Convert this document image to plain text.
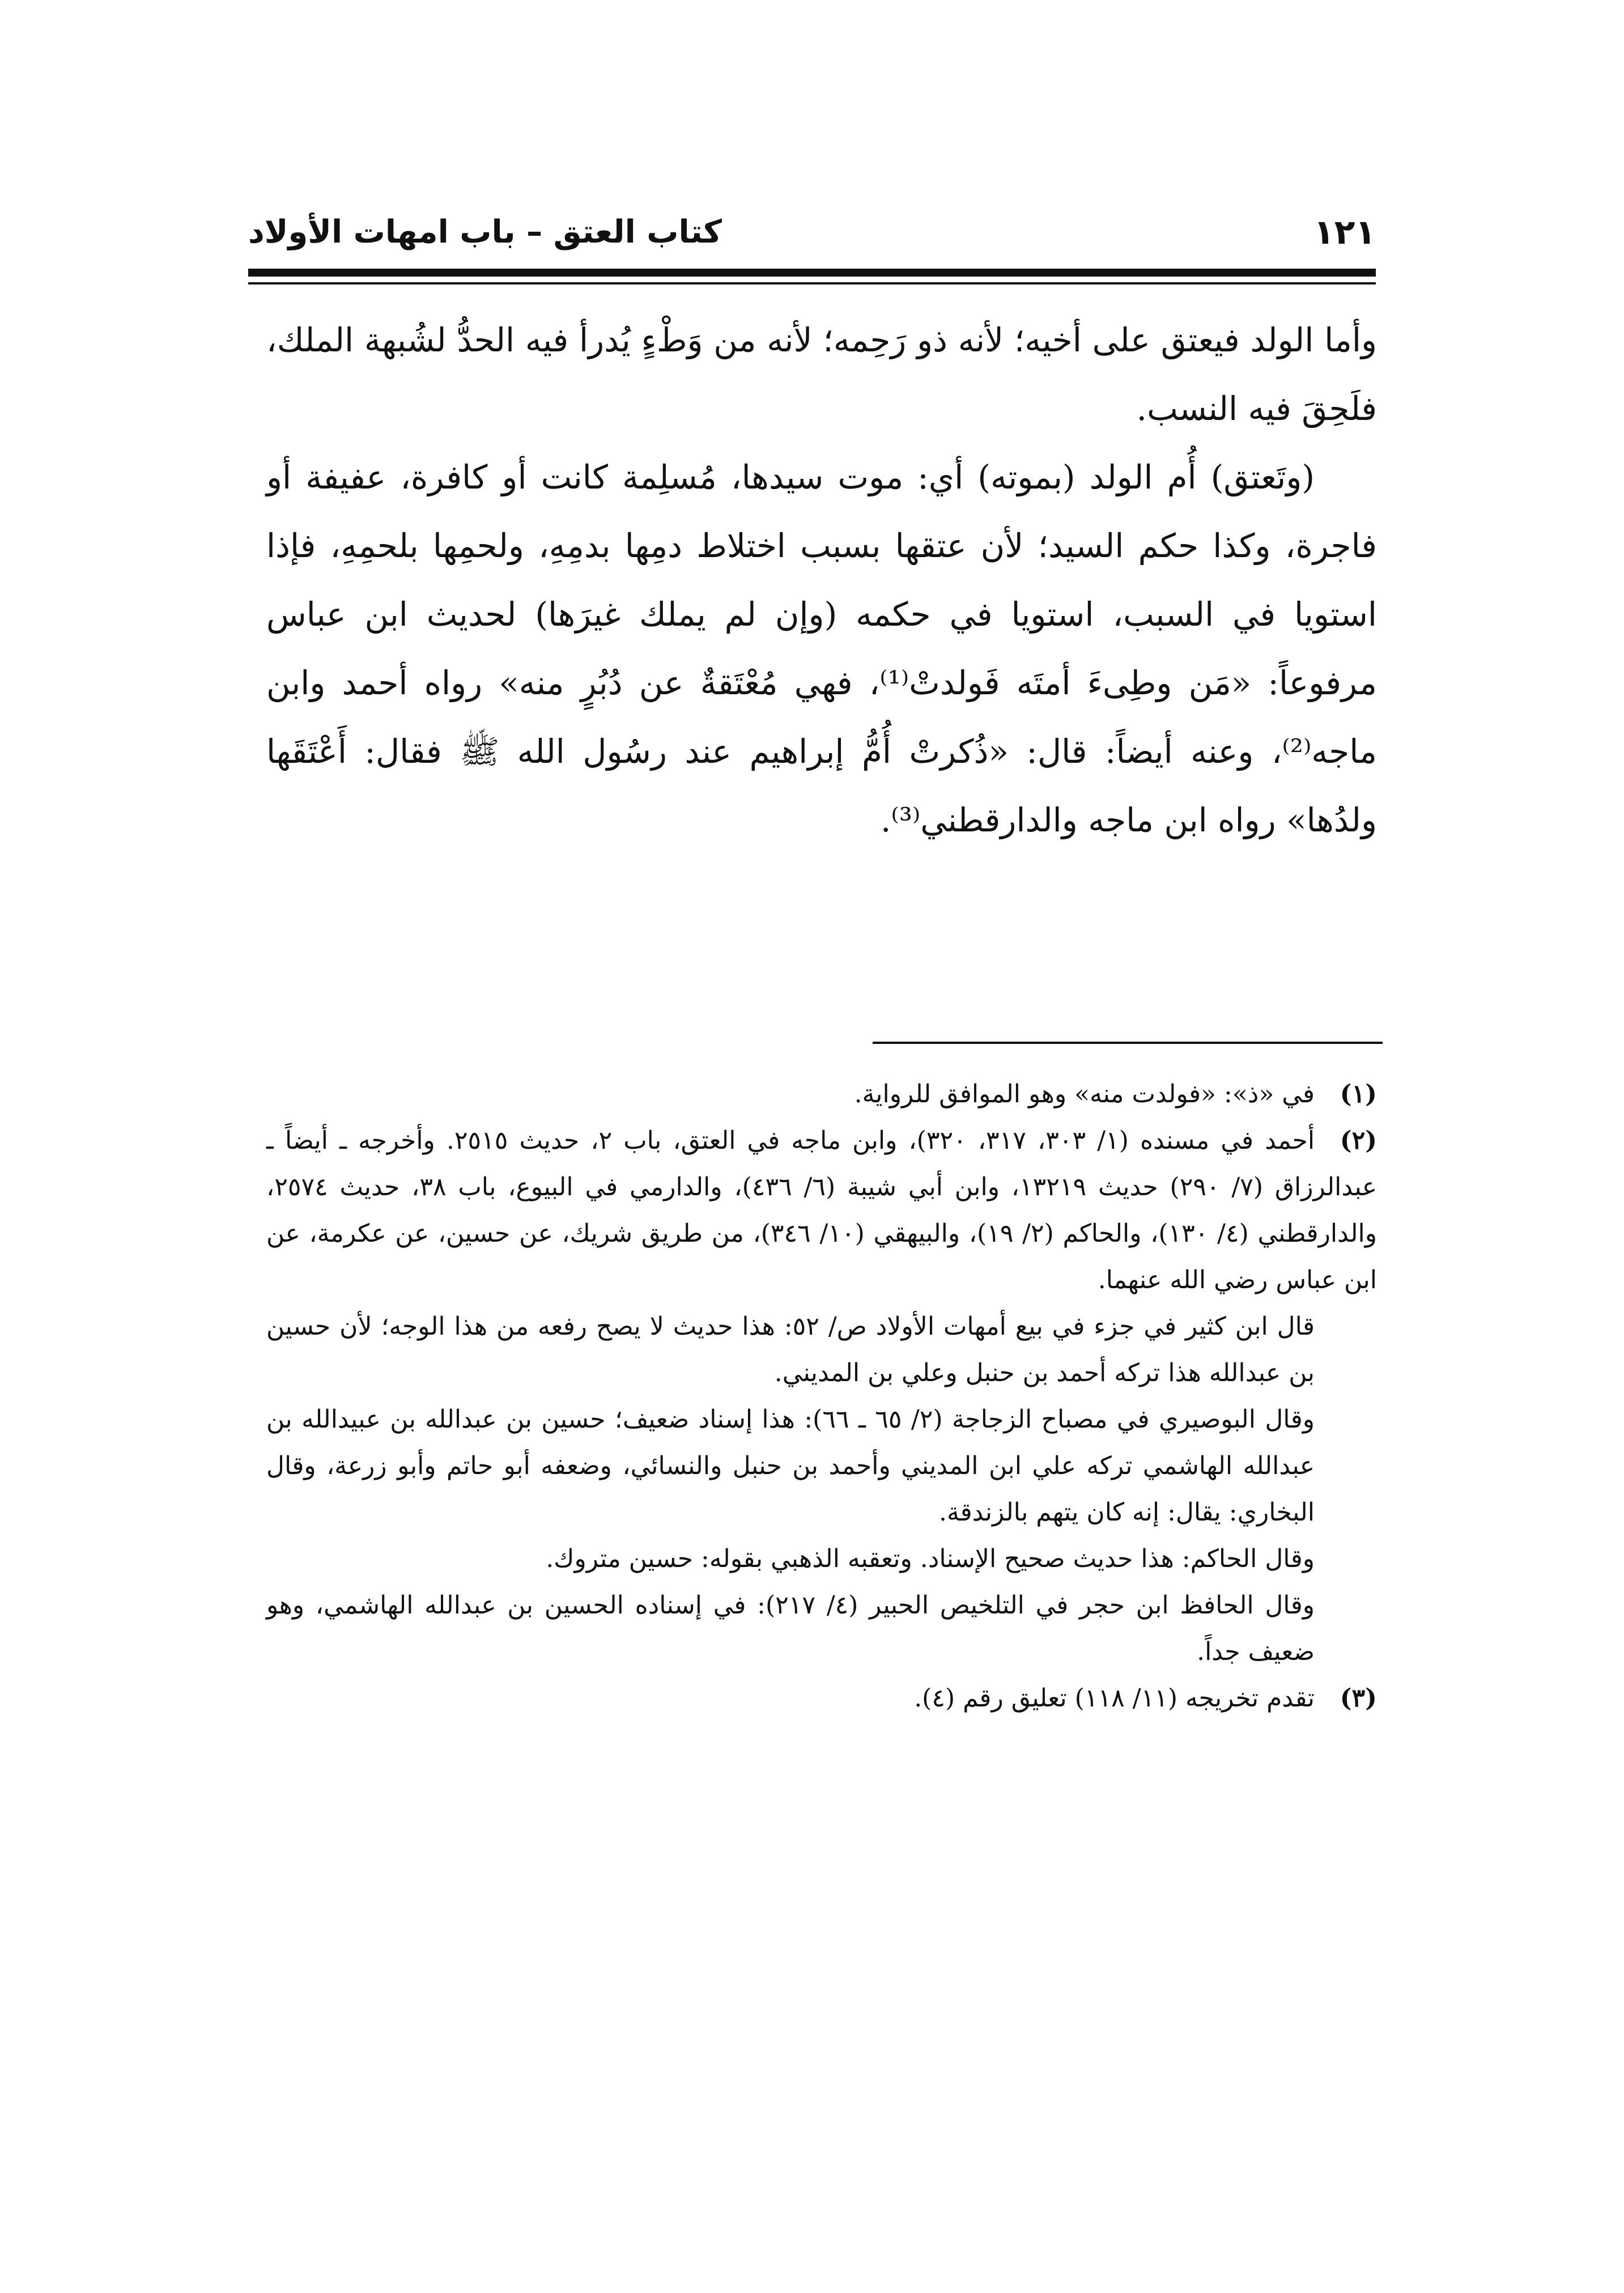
١٢١
كتاب العتق – باب امهات الأولاد

وأما الولد فيعتق على أخيه؛ لأنه ذو رَحِمه؛ لأنه من وَطْءٍ يُدرأ فيه الحدُّ لشُبهة الملك، فلَحِقَ فيه النسب.

(وتَعتق) أُم الولد (بموته) أي: موت سيدها، مُسلِمة كانت أو كافرة، عفيفة أو فاجرة، وكذا حكم السيد؛ لأن عتقها بسبب اختلاط دمِها بدمِهِ، ولحمِها بلحمِهِ، فإذا استويا في السبب، استويا في حكمه (وإن لم يملك غيرَها) لحديث ابن عباس مرفوعاً: «مَن وطِىءَ أمتَه فَولدتْ⁽¹⁾، فهي مُعْتَقةٌ عن دُبُرٍ منه» رواه أحمد وابن ماجه⁽²⁾، وعنه أيضاً: قال: «ذُكرتْ أُمُّ إبراهيم عند رسُول الله ﷺ فقال: أَعْتَقَها ولدُها» رواه ابن ماجه والدارقطني⁽³⁾.

(١)في «ذ»: «فولدت منه» وهو الموافق للرواية.

(٢)أحمد في مسنده (١/ ٣٠٣، ٣١٧، ٣٢٠)، وابن ماجه في العتق، باب ٢، حديث ٢٥١٥. وأخرجه ـ أيضاً ـ عبدالرزاق (٧/ ٢٩٠) حديث ١٣٢١٩، وابن أبي شيبة (٦/ ٤٣٦)، والدارمي في البيوع، باب ٣٨، حديث ٢٥٧٤، والدارقطني (٤/ ١٣٠)، والحاكم (٢/ ١٩)، والبيهقي (١٠/ ٣٤٦)، من طريق شريك، عن حسين، عن عكرمة، عن ابن عباس رضي الله عنهما.

قال ابن كثير في جزء في بيع أمهات الأولاد ص/ ٥٢: هذا حديث لا يصح رفعه من هذا الوجه؛ لأن حسين بن عبدالله هذا تركه أحمد بن حنبل وعلي بن المديني.

وقال البوصيري في مصباح الزجاجة (٢/ ٦٥ ـ ٦٦): هذا إسناد ضعيف؛ حسين بن عبدالله بن عبيدالله بن عبدالله الهاشمي تركه علي ابن المديني وأحمد بن حنبل والنسائي، وضعفه أبو حاتم وأبو زرعة، وقال البخاري: يقال: إنه كان يتهم بالزندقة.

وقال الحاكم: هذا حديث صحيح الإسناد. وتعقبه الذهبي بقوله: حسين متروك.

وقال الحافظ ابن حجر في التلخيص الحبير (٤/ ٢١٧): في إسناده الحسين بن عبدالله الهاشمي، وهو ضعيف جداً.

(٣)تقدم تخريجه (١١/ ١١٨) تعليق رقم (٤).
